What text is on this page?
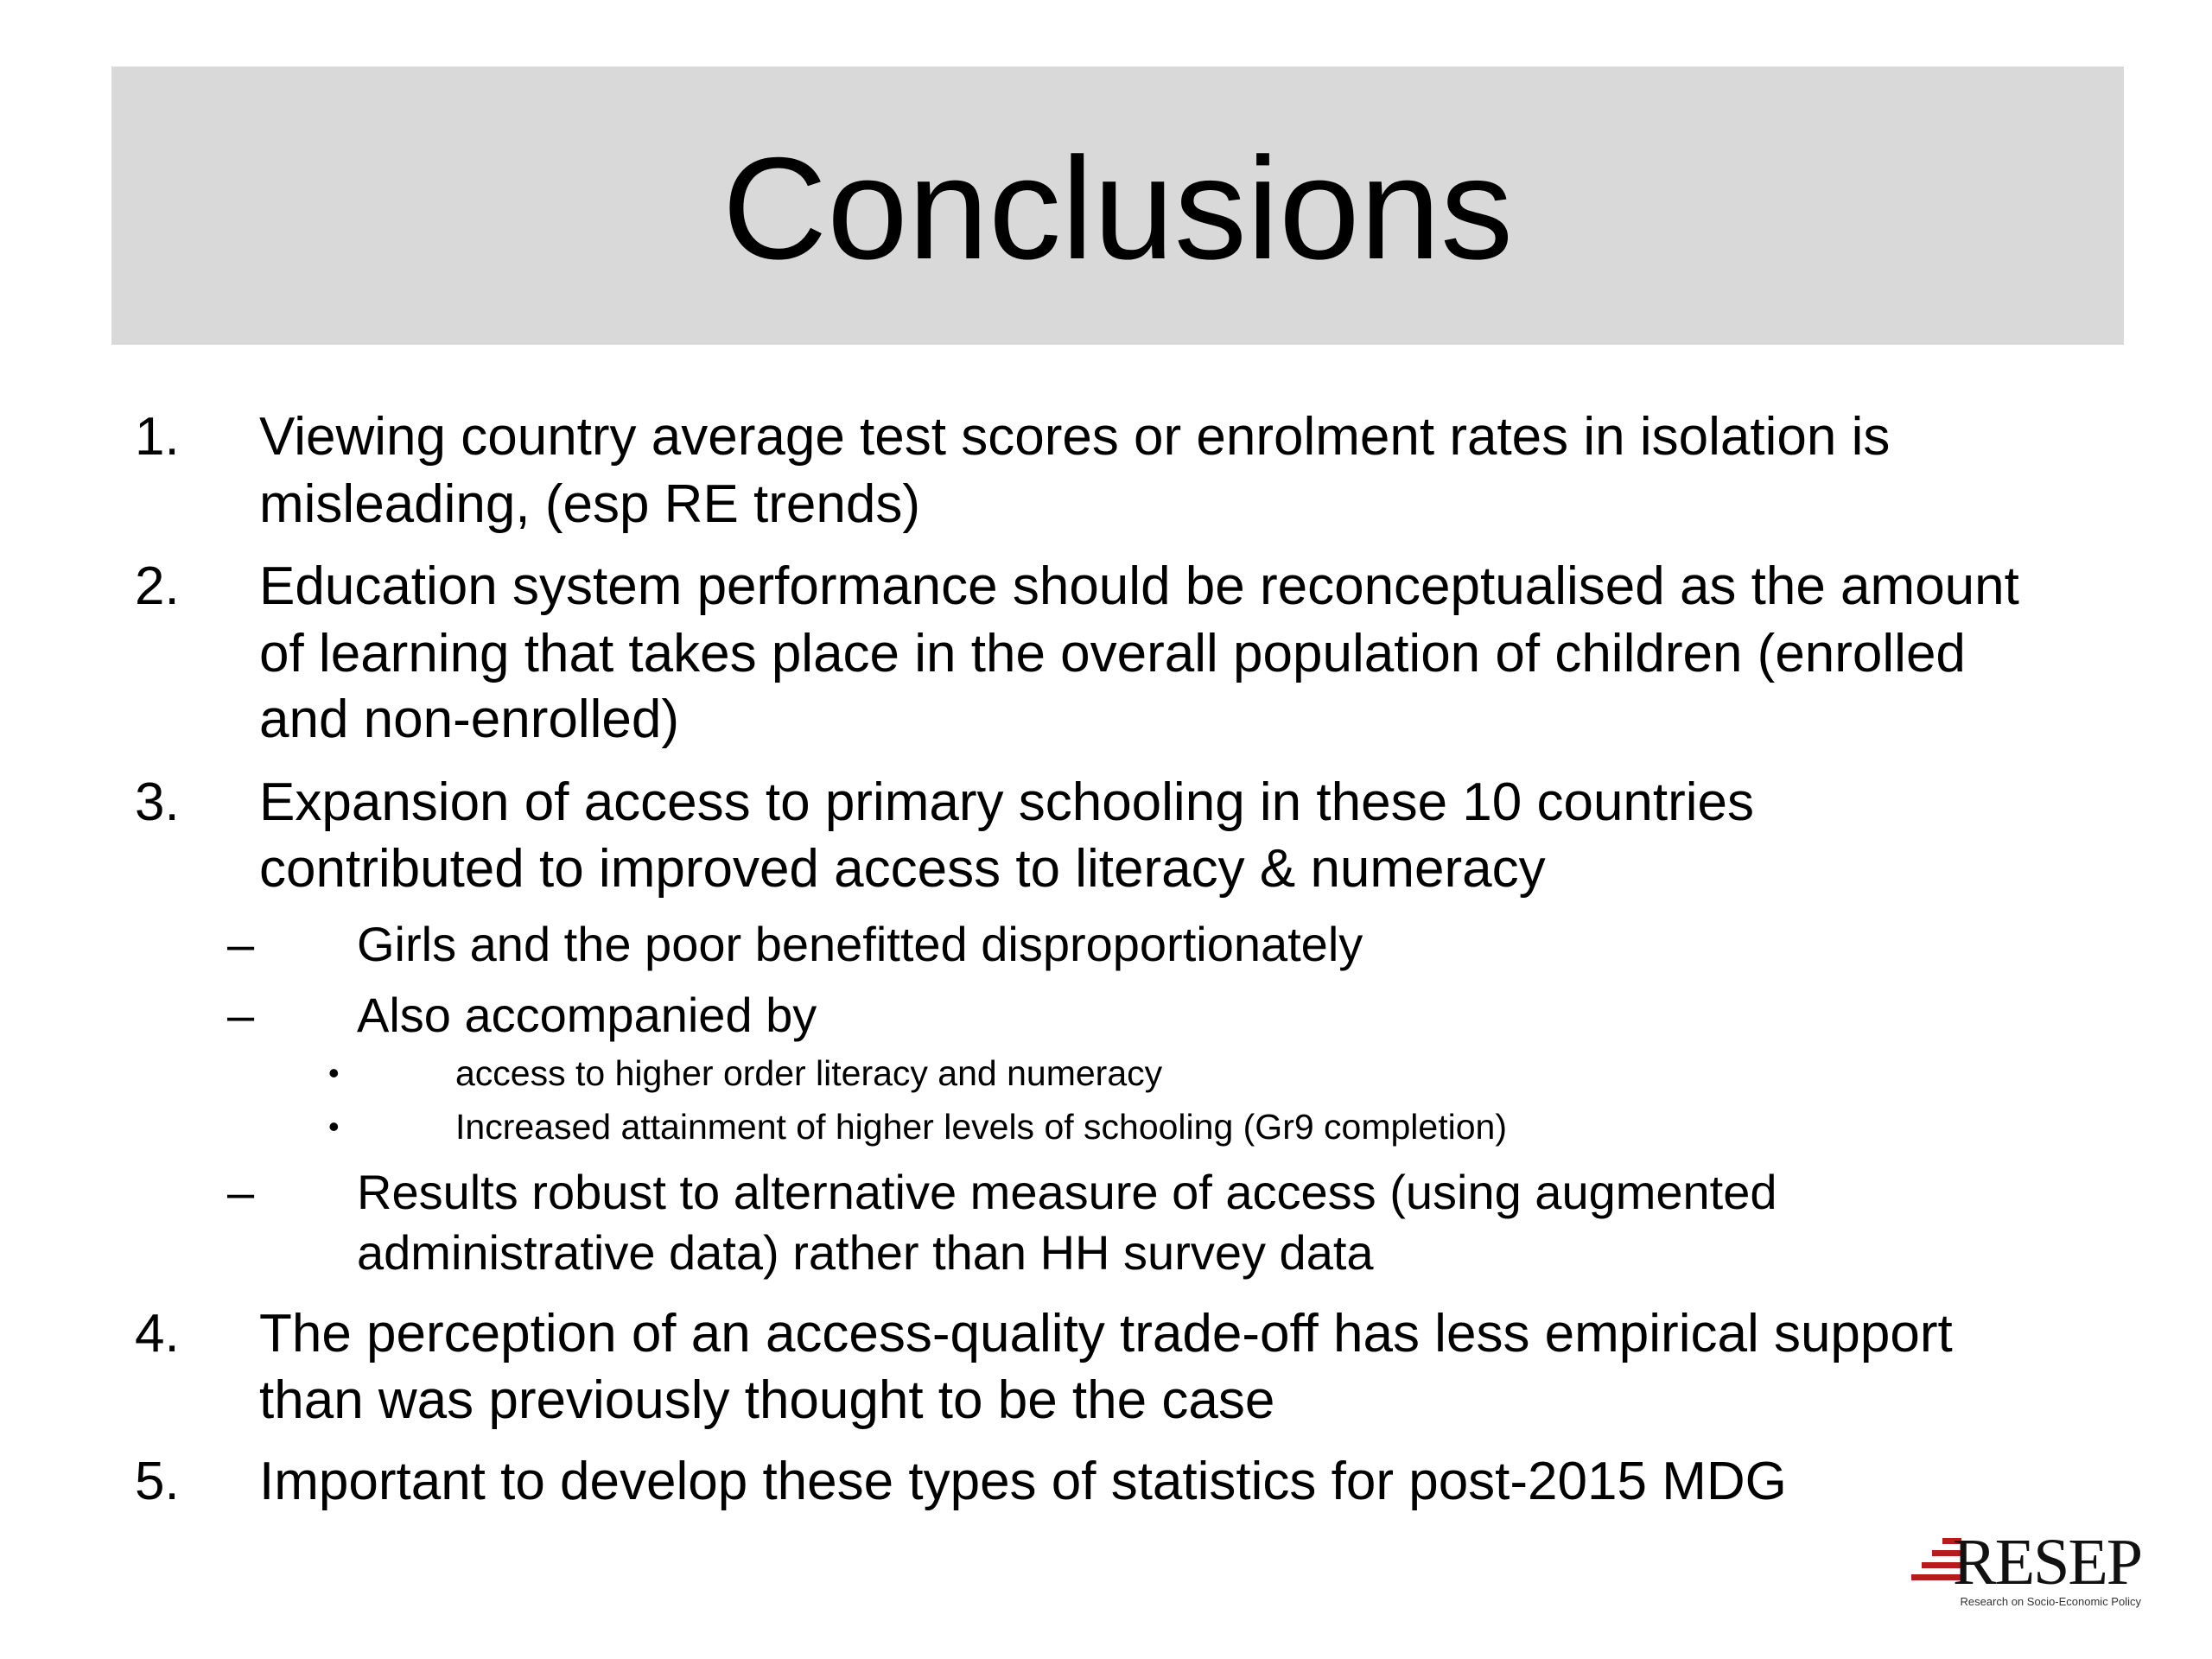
Conclusions
1. Viewing country average test scores or enrolment rates in isolation is
misleading, (esp RE trends)
2. Education system performance should be reconceptualised as the amount
of learning that takes place in the overall population of children (enrolled
and non-enrolled)
3. Expansion of access to primary schooling in these 10 countries
contributed to improved access to literacy & numeracy
– Girls and the poor benefitted disproportionately
– Also accompanied by
•	access to higher order literacy and numeracy
•	Increased attainment of higher levels of schooling (Gr9 completion)
– Results robust to alternative measure of access (using augmented
administrative data) rather than HH survey data
4. The perception of an access-quality trade-off has less empirical support
than was previously thought to be the case
5. Important to develop these types of statistics for post-2015 MDG
RESEP
Research on Socio-Economic Policy
